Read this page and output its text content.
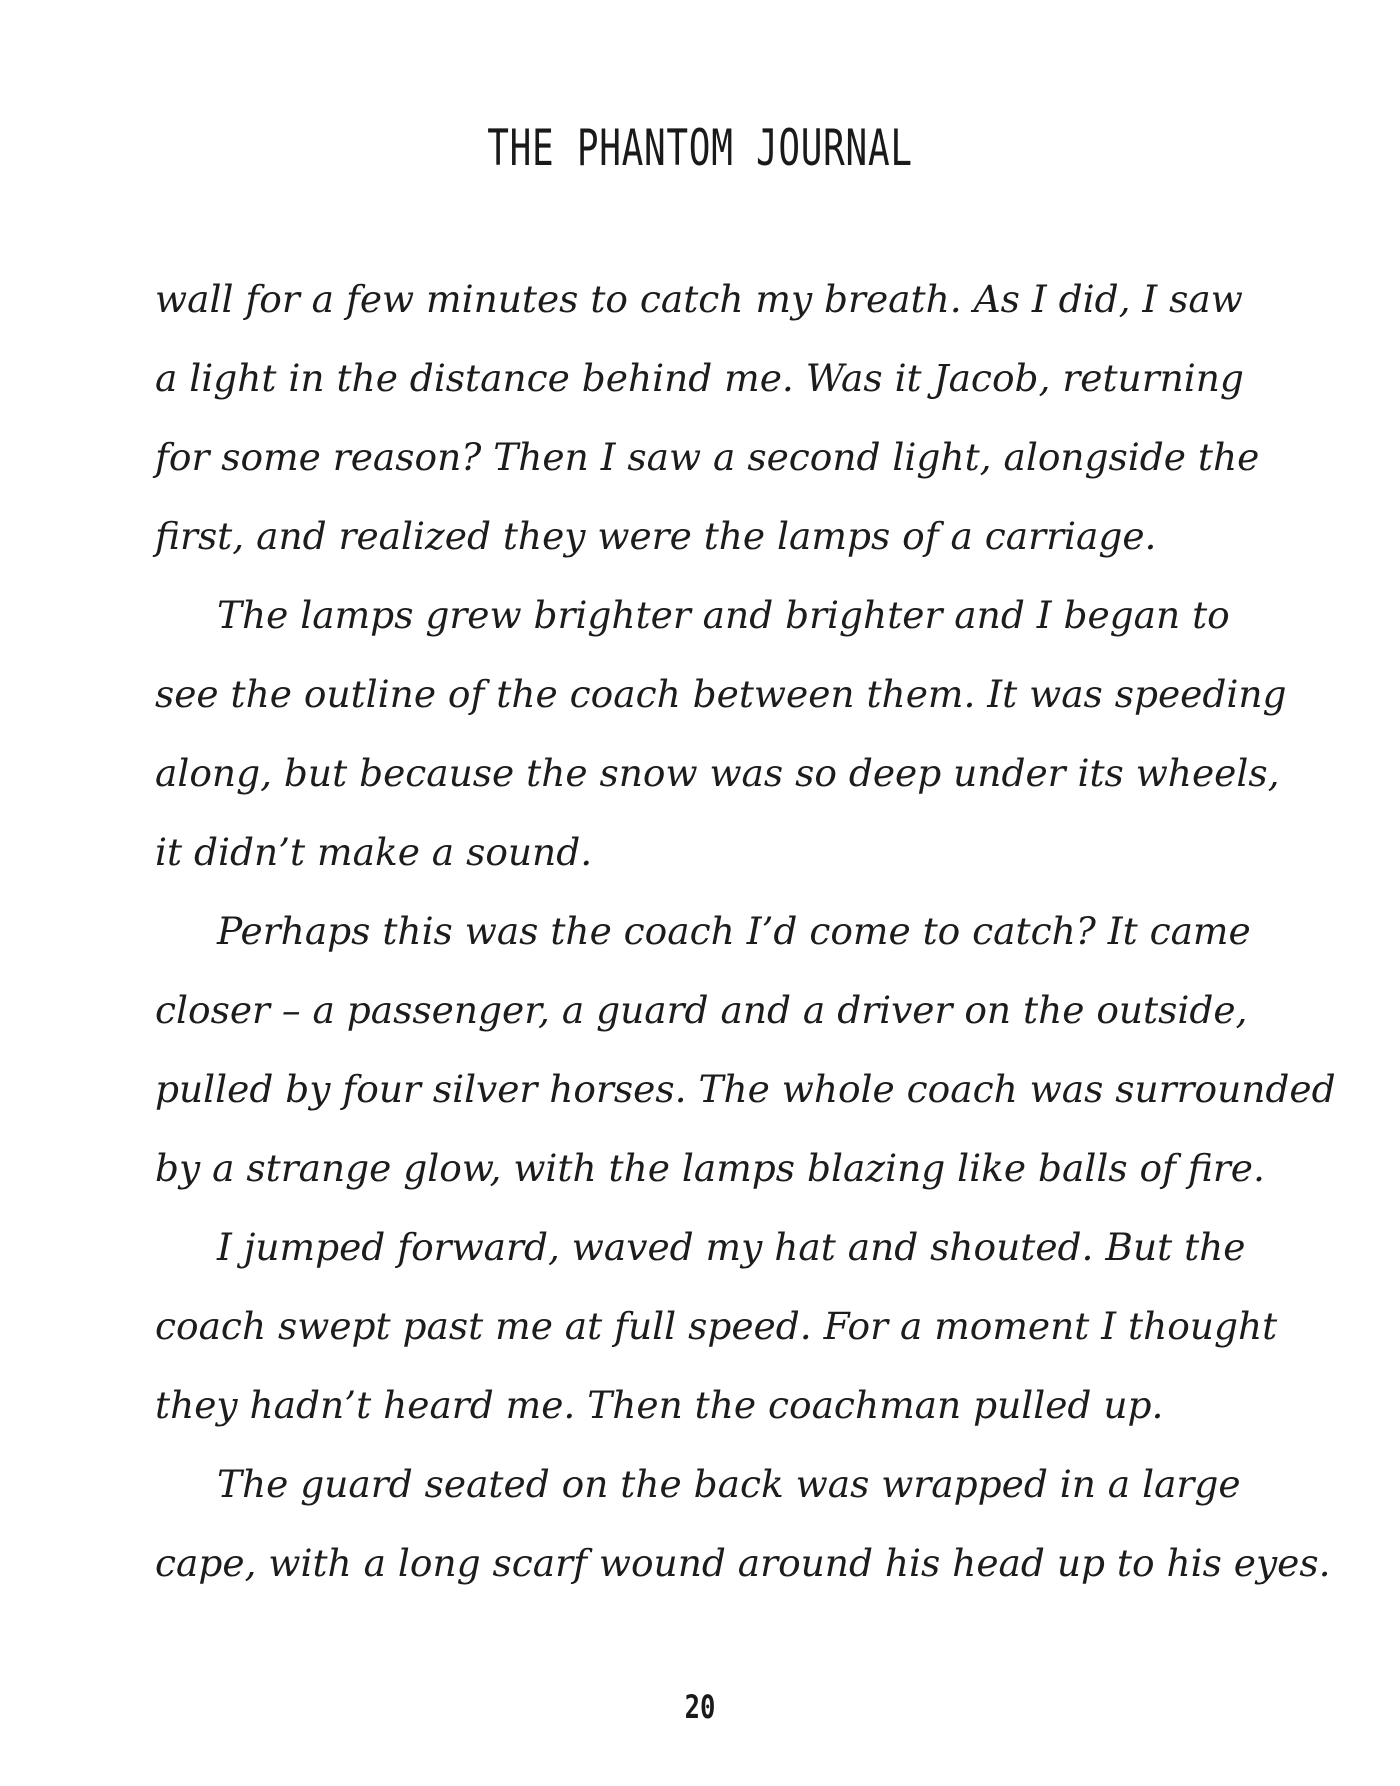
THE PHANTOM JOURNAL

wall for a few minutes to catch my breath. As I did, I saw

a light in the distance behind me. Was it Jacob, returning

for some reason? Then I saw a second light, alongside the

first, and realized they were the lamps of a carriage.

The lamps grew brighter and brighter and I began to

see the outline of the coach between them. It was speeding

along, but because the snow was so deep under its wheels,

it didn’t make a sound.

Perhaps this was the coach I’d come to catch? It came

closer – a passenger, a guard and a driver on the outside,

pulled by four silver horses. The whole coach was surrounded

by a strange glow, with the lamps blazing like balls of fire.

I jumped forward, waved my hat and shouted. But the

coach swept past me at full speed. For a moment I thought

they hadn’t heard me. Then the coachman pulled up.

The guard seated on the back was wrapped in a large

cape, with a long scarf wound around his head up to his eyes.

20
